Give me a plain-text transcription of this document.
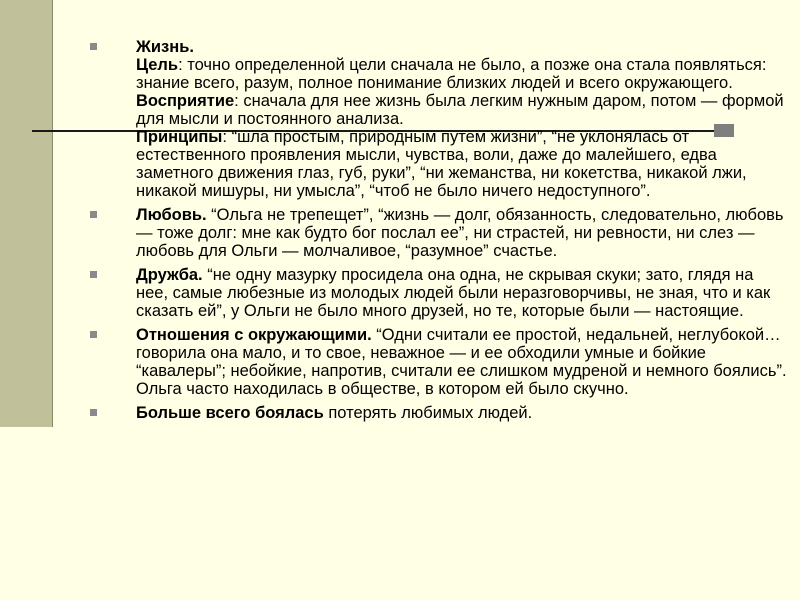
Жизнь.
Цель: точно определенной цели сначала не было, а позже она стала появляться: знание всего, разум, полное понимание близких людей и всего окружающего.
Восприятие: сначала для нее жизнь была легким нужным даром, потом — формой для мысли и постоянного анализа.
Принципы: “шла простым, природным путем жизни”, “не уклонялась от естественного проявления мысли, чувства, воли, даже до малейшего, едва заметного движения глаз, губ, руки”, “ни жеманства, ни кокетства, никакой лжи, никакой мишуры, ни умысла”, “чтоб не было ничего недоступного”.
Любовь. “Ольга не трепещет”, “жизнь — долг, обязанность, следовательно, любовь — тоже долг: мне как будто бог послал ее”, ни страстей, ни ревности, ни слез — любовь для Ольги — молчаливое, “разумное” счастье.
Дружба. “не одну мазурку просидела она одна, не скрывая скуки; зато, глядя на нее, самые любезные из молодых людей были неразговорчивы, не зная, что и как сказать ей”, у Ольги не было много друзей, но те, которые были — настоящие.
Отношения с окружающими. “Одни считали ее простой, недальней, неглубокой… говорила она мало, и то свое, неважное — и ее обходили умные и бойкие “кавалеры”; небойкие, напротив, считали ее слишком мудреной и немного боялись”. Ольга часто находилась в обществе, в котором ей было скучно.
Больше всего боялась потерять любимых людей.
